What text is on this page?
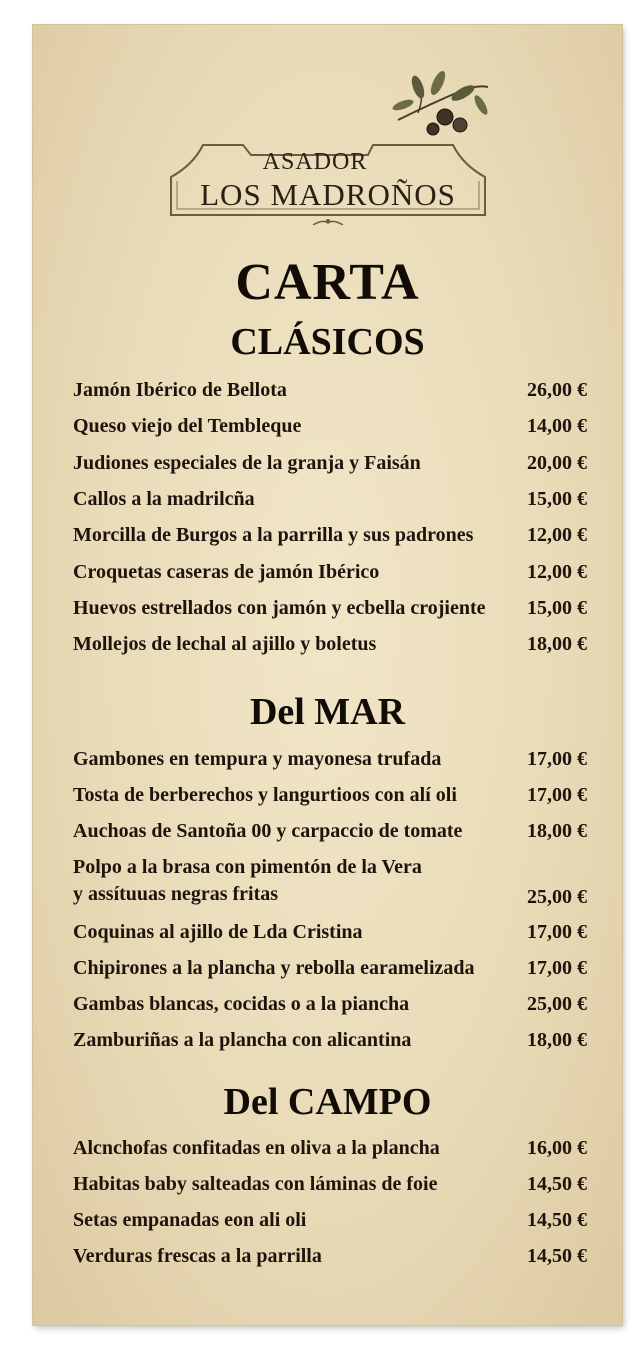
ASADOR
LOS MADROÑOS
CARTA
CLÁSICOS
Jamón Ibérico de Bellota	26,00 €
Queso viejo del Tembleque	14,00 €
Judiones especiales de la granja y Faisán	20,00 €
Callos a la madrilcña	15,00 €
Morcilla de Burgos a la parrilla y sus padrones	12,00 €
Croquetas caseras de jamón Ibérico	12,00 €
Huevos estrellados con jamón y ecbella crojiente	15,00 €
Mollejos de lechal al ajillo y boletus	18,00 €
Del MAR
Gambones en tempura y mayonesa trufada	17,00 €
Tosta de berberechos y langurtioos con alí oli	17,00 €
Auchoas de Santoña 00 y carpaccio de tomate	18,00 €
Polpo a la brasa con pimentón de la Vera
y assítuuas negras fritas	25,00 €
Coquinas al ajillo de Lda Cristina	17,00 €
Chipirones a la plancha y rebolla earamelizada	17,00 €
Gambas blancas, cocidas o a la piancha	25,00 €
Zamburiñas a la plancha con alicantina	18,00 €
Del CAMPO
Alcnchofas confitadas en oliva a la plancha	16,00 €
Habitas baby salteadas con láminas de foie	14,50 €
Setas empanadas eon ali oli	14,50 €
Verduras frescas a la parrilla	14,50 €
